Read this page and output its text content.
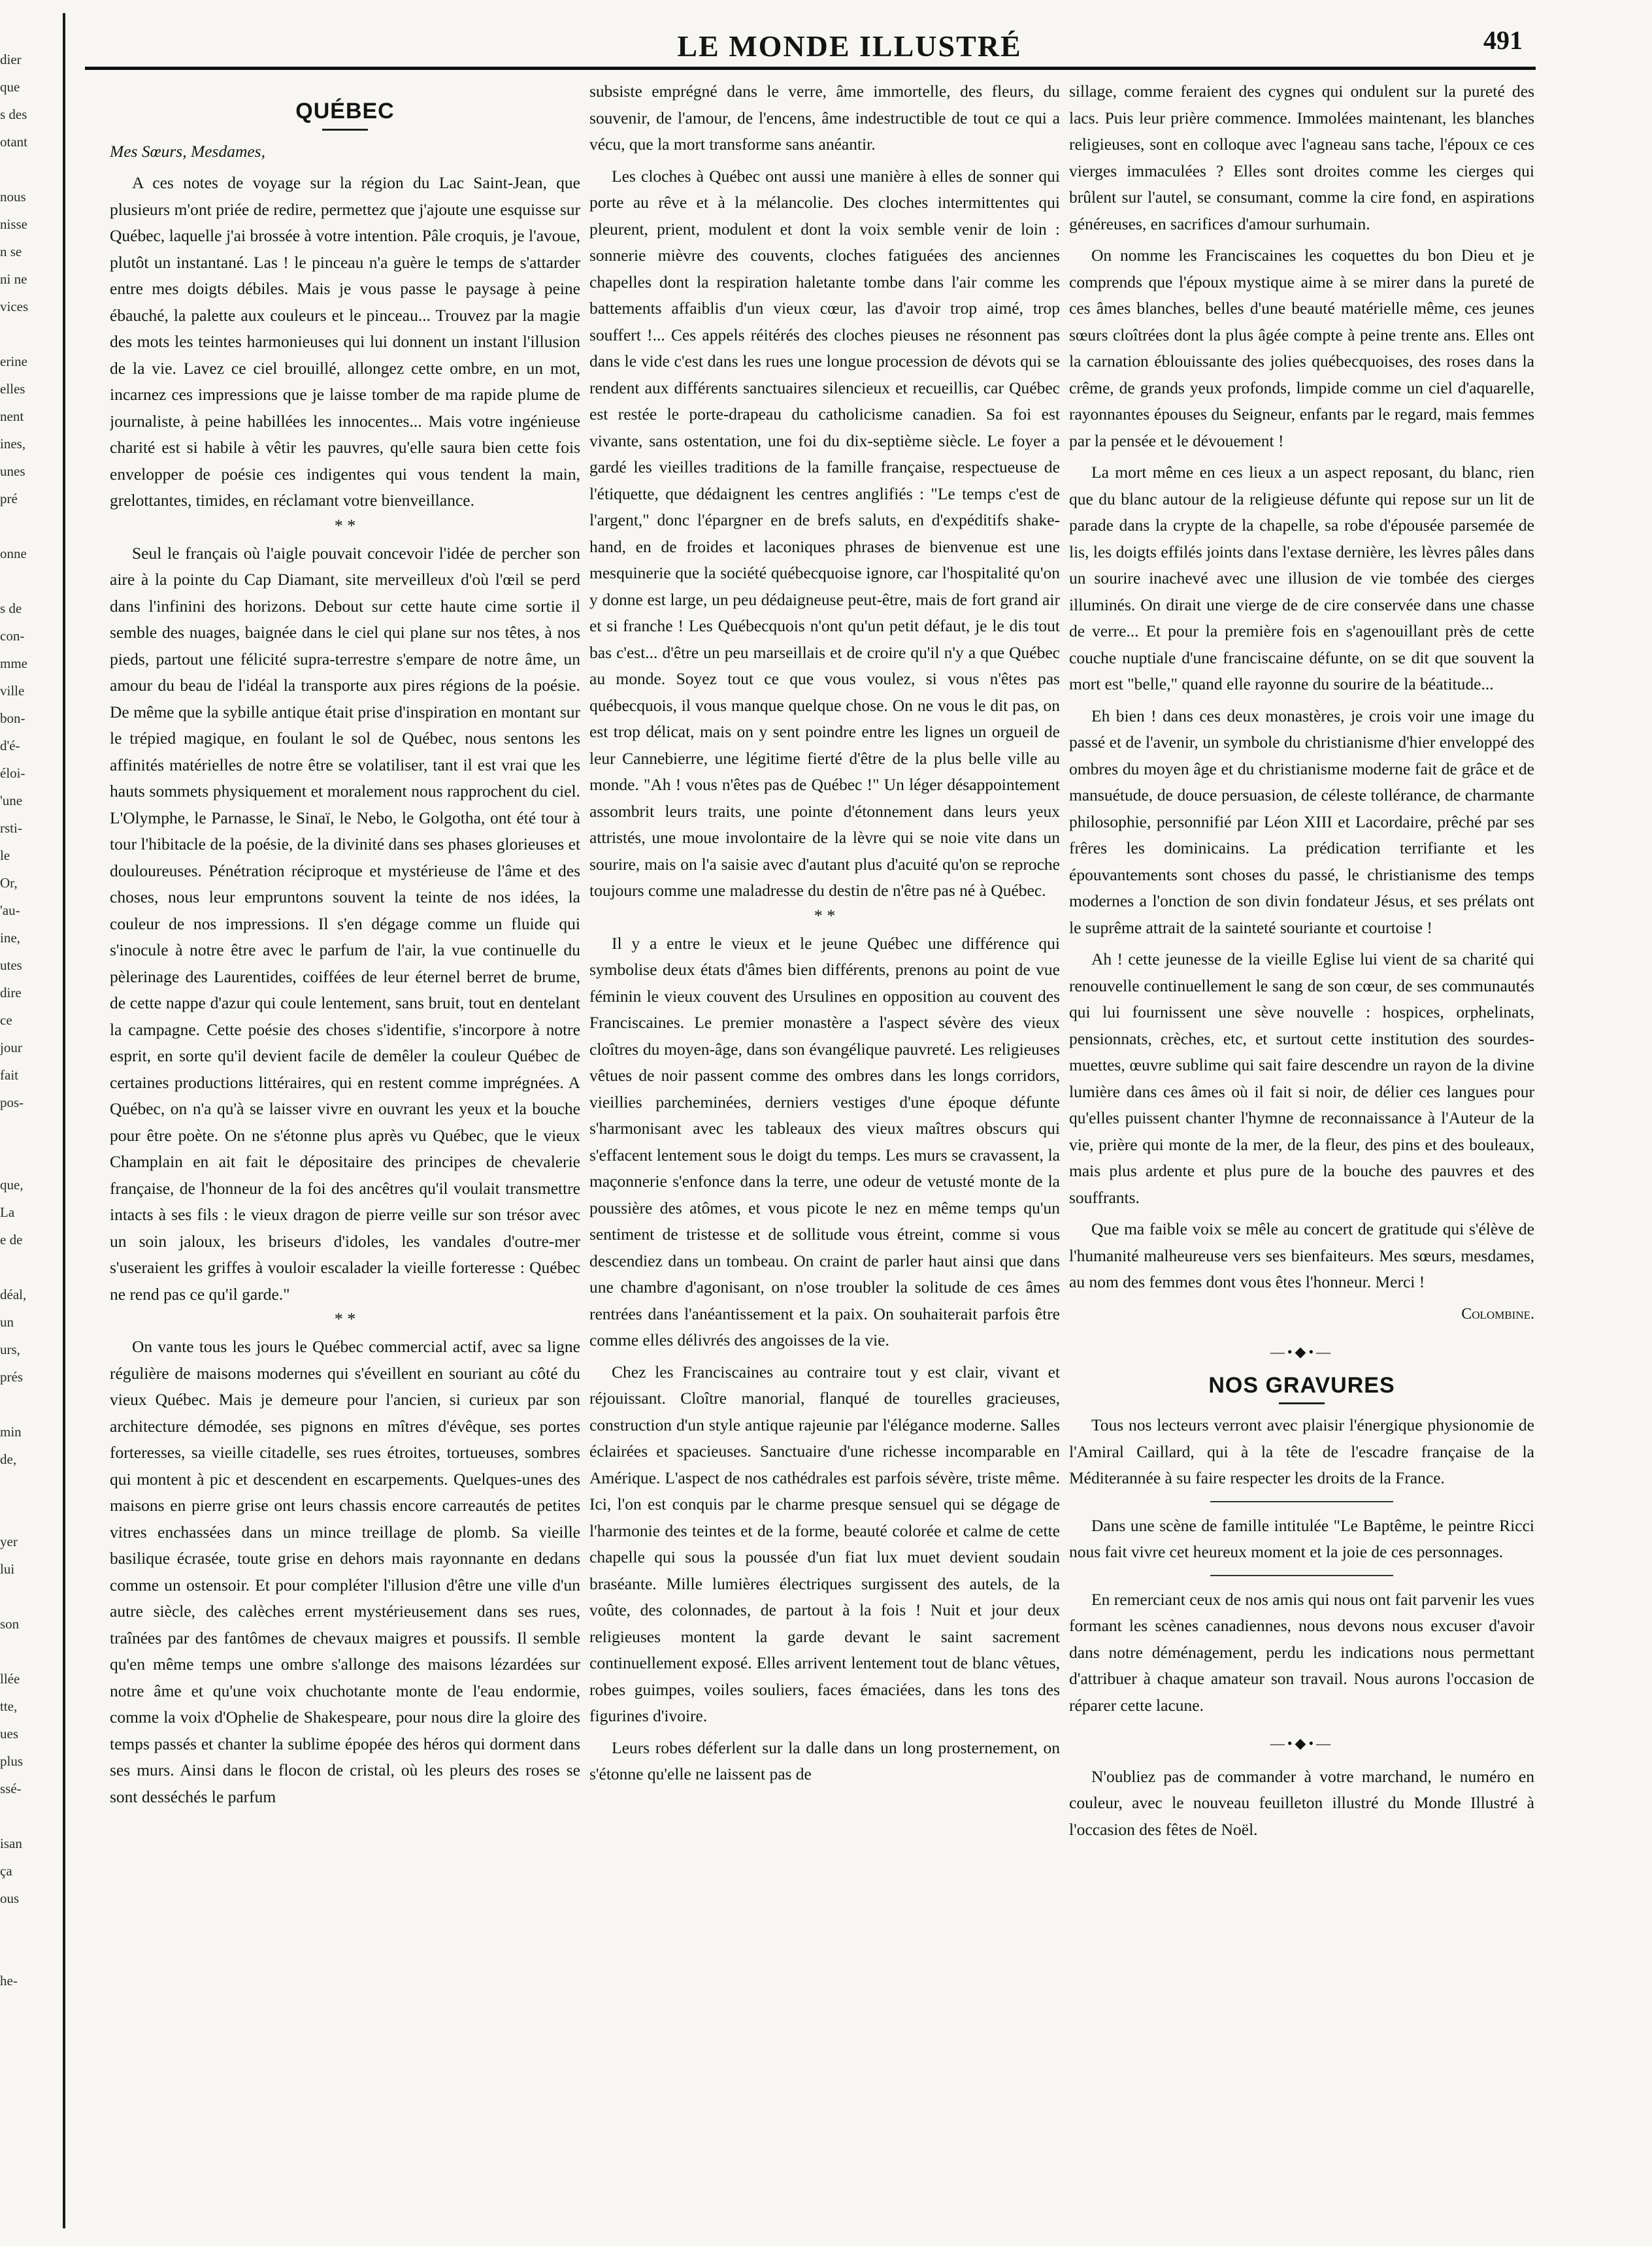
dier
que
s des
otant

nous
nisse
n se
ni ne
vices

erine
elles
nent
ines,
unes
pré

onne

s de
con-
mme
ville
bon-
d'é-
éloi-
'une
rsti-
le
Or,
'au-
ine,
utes
dire
ce
jour
fait
pos-

que,
La
e de

déal,
un
urs,
prés

min
de,

yer
lui

son

llée
tte,
ues
plus
ssé-

isan
ça
ous

he-
LE MONDE ILLUSTRÉ	491
QUÉBEC

Mes Sœurs, Mesdames,

A ces notes de voyage sur la région du Lac Saint-Jean, que plusieurs m'ont priée de redire, permettez que j'ajoute une esquisse sur Québec, laquelle j'ai brossée à votre intention. Pâle croquis, je l'avoue, plutôt un instantané. Las ! le pinceau n'a guère le temps de s'attarder entre mes doigts débiles. Mais je vous passe le paysage à peine ébauché, la palette aux couleurs et le pinceau... Trouvez par la magie des mots les teintes harmonieuses qui lui donnent un instant l'illusion de la vie. Lavez ce ciel brouillé, allongez cette ombre, en un mot, incarnez ces impressions que je laisse tomber de ma rapide plume de journaliste, à peine habillées les innocentes... Mais votre ingénieuse charité est si habile à vêtir les pauvres, qu'elle saura bien cette fois envelopper de poésie ces indigentes qui vous tendent la main, grelottantes, timides, en réclamant votre bienveillance.

* *

Seul le français où l'aigle pouvait concevoir l'idée de percher son aire à la pointe du Cap Diamant, site merveilleux d'où l'œil se perd dans l'infinini des horizons. Debout sur cette haute cime sortie il semble des nuages, baignée dans le ciel qui plane sur nos têtes, à nos pieds, partout une félicité supra-terrestre s'empare de notre âme, un amour du beau de l'idéal la transporte aux pires régions de la poésie. De même que la sybille antique était prise d'inspiration en montant sur le trépied magique, en foulant le sol de Québec, nous sentons les affinités matérielles de notre être se volatiliser, tant il est vrai que les hauts sommets physiquement et moralement nous rapprochent du ciel. L'Olymphe, le Parnasse, le Sinaï, le Nebo, le Golgotha, ont été tour à tour l'hibitacle de la poésie, de la divinité dans ses phases glorieuses et douloureuses. Pénétration réciproque et mystérieuse de l'âme et des choses, nous leur empruntons souvent la teinte de nos idées, la couleur de nos impressions. Il s'en dégage comme un fluide qui s'inocule à notre être avec le parfum de l'air, la vue continuelle du pèlerinage des Laurentides, coiffées de leur éternel berret de brume, de cette nappe d'azur qui coule lentement, sans bruit, tout en dentelant la campagne. Cette poésie des choses s'identifie, s'incorpore à notre esprit, en sorte qu'il devient facile de demêler la couleur Québec de certaines productions littéraires, qui en restent comme imprégnées. A Québec, on n'a qu'à se laisser vivre en ouvrant les yeux et la bouche pour être poète. On ne s'étonne plus après vu Québec, que le vieux Champlain en ait fait le dépositaire des principes de chevalerie française, de l'honneur de la foi des ancêtres qu'il voulait transmettre intacts à ses fils : le vieux dragon de pierre veille sur son trésor avec un soin jaloux, les briseurs d'idoles, les vandales d'outre-mer s'useraient les griffes à vouloir escalader la vieille forteresse : Québec ne rend pas ce qu'il garde."

* *

On vante tous les jours le Québec commercial actif, avec sa ligne régulière de maisons modernes qui s'éveillent en souriant au côté du vieux Québec. Mais je demeure pour l'ancien, si curieux par son architecture démodée, ses pignons en mîtres d'évêque, ses portes forteresses, sa vieille citadelle, ses rues étroites, tortueuses, sombres qui montent à pic et descendent en escarpements. Quelques-unes des maisons en pierre grise ont leurs chassis encore carreautés de petites vitres enchassées dans un mince treillage de plomb. Sa vieille basilique écrasée, toute grise en dehors mais rayonnante en dedans comme un ostensoir. Et pour compléter l'illusion d'être une ville d'un autre siècle, des calèches errent mystérieusement dans ses rues, traînées par des fantômes de chevaux maigres et poussifs. Il semble qu'en même temps une ombre s'allonge des maisons lézardées sur notre âme et qu'une voix chuchotante monte de l'eau endormie, comme la voix d'Ophelie de Shakespeare, pour nous dire la gloire des temps passés et chanter la sublime épopée des héros qui dorment dans ses murs. Ainsi dans le flocon de cristal, où les pleurs des roses se sont desséchés le parfum

subsiste emprégné dans le verre, âme immortelle, des fleurs, du souvenir, de l'amour, de l'encens, âme indestructible de tout ce qui a vécu, que la mort transforme sans anéantir.

Les cloches à Québec ont aussi une manière à elles de sonner qui porte au rêve et à la mélancolie. Des cloches intermittentes qui pleurent, prient, modulent et dont la voix semble venir de loin : sonnerie mièvre des couvents, cloches fatiguées des anciennes chapelles dont la respiration haletante tombe dans l'air comme les battements affaiblis d'un vieux cœur, las d'avoir trop aimé, trop souffert !... Ces appels réitérés des cloches pieuses ne résonnent pas dans le vide c'est dans les rues une longue procession de dévots qui se rendent aux différents sanctuaires silencieux et recueillis, car Québec est restée le porte-drapeau du catholicisme canadien. Sa foi est vivante, sans ostentation, une foi du dix-septième siècle. Le foyer a gardé les vieilles traditions de la famille française, respectueuse de l'étiquette, que dédaignent les centres anglifiés : "Le temps c'est de l'argent," donc l'épargner en de brefs saluts, en d'expéditifs shake-hand, en de froides et laconiques phrases de bienvenue est une mesquinerie que la société québecquoise ignore, car l'hospitalité qu'on y donne est large, un peu dédaigneuse peut-être, mais de fort grand air et si franche ! Les Québecquois n'ont qu'un petit défaut, je le dis tout bas c'est... d'être un peu marseillais et de croire qu'il n'y a que Québec au monde. Soyez tout ce que vous voulez, si vous n'êtes pas québecquois, il vous manque quelque chose. On ne vous le dit pas, on est trop délicat, mais on y sent poindre entre les lignes un orgueil de leur Cannebierre, une légitime fierté d'être de la plus belle ville au monde. "Ah ! vous n'êtes pas de Québec !" Un léger désappointement assombrit leurs traits, une pointe d'étonnement dans leurs yeux attristés, une moue involontaire de la lèvre qui se noie vite dans un sourire, mais on l'a saisie avec d'autant plus d'acuité qu'on se reproche toujours comme une maladresse du destin de n'être pas né à Québec.

* *

Il y a entre le vieux et le jeune Québec une différence qui symbolise deux états d'âmes bien différents, prenons au point de vue féminin le vieux couvent des Ursulines en opposition au couvent des Franciscaines. Le premier monastère a l'aspect sévère des vieux cloîtres du moyen-âge, dans son évangélique pauvreté. Les religieuses vêtues de noir passent comme des ombres dans les longs corridors, vieillies parcheminées, derniers vestiges d'une époque défunte s'harmonisant avec les tableaux des vieux maîtres obscurs qui s'effacent lentement sous le doigt du temps. Les murs se cravassent, la maçonnerie s'enfonce dans la terre, une odeur de vetusté monte de la poussière des atômes, et vous picote le nez en même temps qu'un sentiment de tristesse et de sollitude vous étreint, comme si vous descendiez dans un tombeau. On craint de parler haut ainsi que dans une chambre d'agonisant, on n'ose troubler la solitude de ces âmes rentrées dans l'anéantissement et la paix. On souhaiterait parfois être comme elles délivrés des angoisses de la vie.

Chez les Franciscaines au contraire tout y est clair, vivant et réjouissant. Cloître manorial, flanqué de tourelles gracieuses, construction d'un style antique rajeunie par l'élégance moderne. Salles éclairées et spacieuses. Sanctuaire d'une richesse incomparable en Amérique. L'aspect de nos cathédrales est parfois sévère, triste même. Ici, l'on est conquis par le charme presque sensuel qui se dégage de l'harmonie des teintes et de la forme, beauté colorée et calme de cette chapelle qui sous la poussée d'un fiat lux muet devient soudain braséante. Mille lumières électriques surgissent des autels, de la voûte, des colonnades, de partout à la fois ! Nuit et jour deux religieuses montent la garde devant le saint sacrement continuellement exposé. Elles arrivent lentement tout de blanc vêtues, robes guimpes, voiles souliers, faces émaciées, dans les tons des figurines d'ivoire.

Leurs robes déferlent sur la dalle dans un long prosternement, on s'étonne qu'elle ne laissent pas de

sillage, comme feraient des cygnes qui ondulent sur la pureté des lacs. Puis leur prière commence. Immolées maintenant, les blanches religieuses, sont en colloque avec l'agneau sans tache, l'époux ce ces vierges immaculées ? Elles sont droites comme les cierges qui brûlent sur l'autel, se consumant, comme la cire fond, en aspirations généreuses, en sacrifices d'amour surhumain.

On nomme les Franciscaines les coquettes du bon Dieu et je comprends que l'époux mystique aime à se mirer dans la pureté de ces âmes blanches, belles d'une beauté matérielle même, ces jeunes sœurs cloîtrées dont la plus âgée compte à peine trente ans. Elles ont la carnation éblouissante des jolies québecquoises, des roses dans la crême, de grands yeux profonds, limpide comme un ciel d'aquarelle, rayonnantes épouses du Seigneur, enfants par le regard, mais femmes par la pensée et le dévouement !

La mort même en ces lieux a un aspect reposant, du blanc, rien que du blanc autour de la religieuse défunte qui repose sur un lit de parade dans la crypte de la chapelle, sa robe d'épousée parsemée de lis, les doigts effilés joints dans l'extase dernière, les lèvres pâles dans un sourire inachevé avec une illusion de vie tombée des cierges illuminés. On dirait une vierge de de cire conservée dans une chasse de verre... Et pour la première fois en s'agenouillant près de cette couche nuptiale d'une franciscaine défunte, on se dit que souvent la mort est "belle," quand elle rayonne du sourire de la béatitude...

Eh bien ! dans ces deux monastères, je crois voir une image du passé et de l'avenir, un symbole du christianisme d'hier enveloppé des ombres du moyen âge et du christianisme moderne fait de grâce et de mansuétude, de douce persuasion, de céleste tollérance, de charmante philosophie, personnifié par Léon XIII et Lacordaire, prêché par ses frêres les dominicains. La prédication terrifiante et les épouvantements sont choses du passé, le christianisme des temps modernes a l'onction de son divin fondateur Jésus, et ses prélats ont le suprême attrait de la sainteté souriante et courtoise !

Ah ! cette jeunesse de la vieille Eglise lui vient de sa charité qui renouvelle continuellement le sang de son cœur, de ses communautés qui lui fournissent une sève nouvelle : hospices, orphelinats, pensionnats, crèches, etc, et surtout cette institution des sourdes-muettes, œuvre sublime qui sait faire descendre un rayon de la divine lumière dans ces âmes où il fait si noir, de délier ces langues pour qu'elles puissent chanter l'hymne de reconnaissance à l'Auteur de la vie, prière qui monte de la mer, de la fleur, des pins et des bouleaux, mais plus ardente et plus pure de la bouche des pauvres et des souffrants.

Que ma faible voix se mêle au concert de gratitude qui s'élève de l'humanité malheureuse vers ses bienfaiteurs. Mes sœurs, mesdames, au nom des femmes dont vous êtes l'honneur. Merci !

Colombine.

—•◆•—
NOS GRAVURES

Tous nos lecteurs verront avec plaisir l'énergique physionomie de l'Amiral Caillard, qui à la tête de l'escadre française de la Méditerannée à su faire respecter les droits de la France.

Dans une scène de famille intitulée "Le Baptême, le peintre Ricci nous fait vivre cet heureux moment et la joie de ces personnages.

En remerciant ceux de nos amis qui nous ont fait parvenir les vues formant les scènes canadiennes, nous devons nous excuser d'avoir dans notre déménagement, perdu les indications nous permettant d'attribuer à chaque amateur son travail. Nous aurons l'occasion de réparer cette lacune.

—•◆•—

N'oubliez pas de commander à votre marchand, le numéro en couleur, avec le nouveau feuilleton illustré du Monde Illustré à l'occasion des fêtes de Noël.
